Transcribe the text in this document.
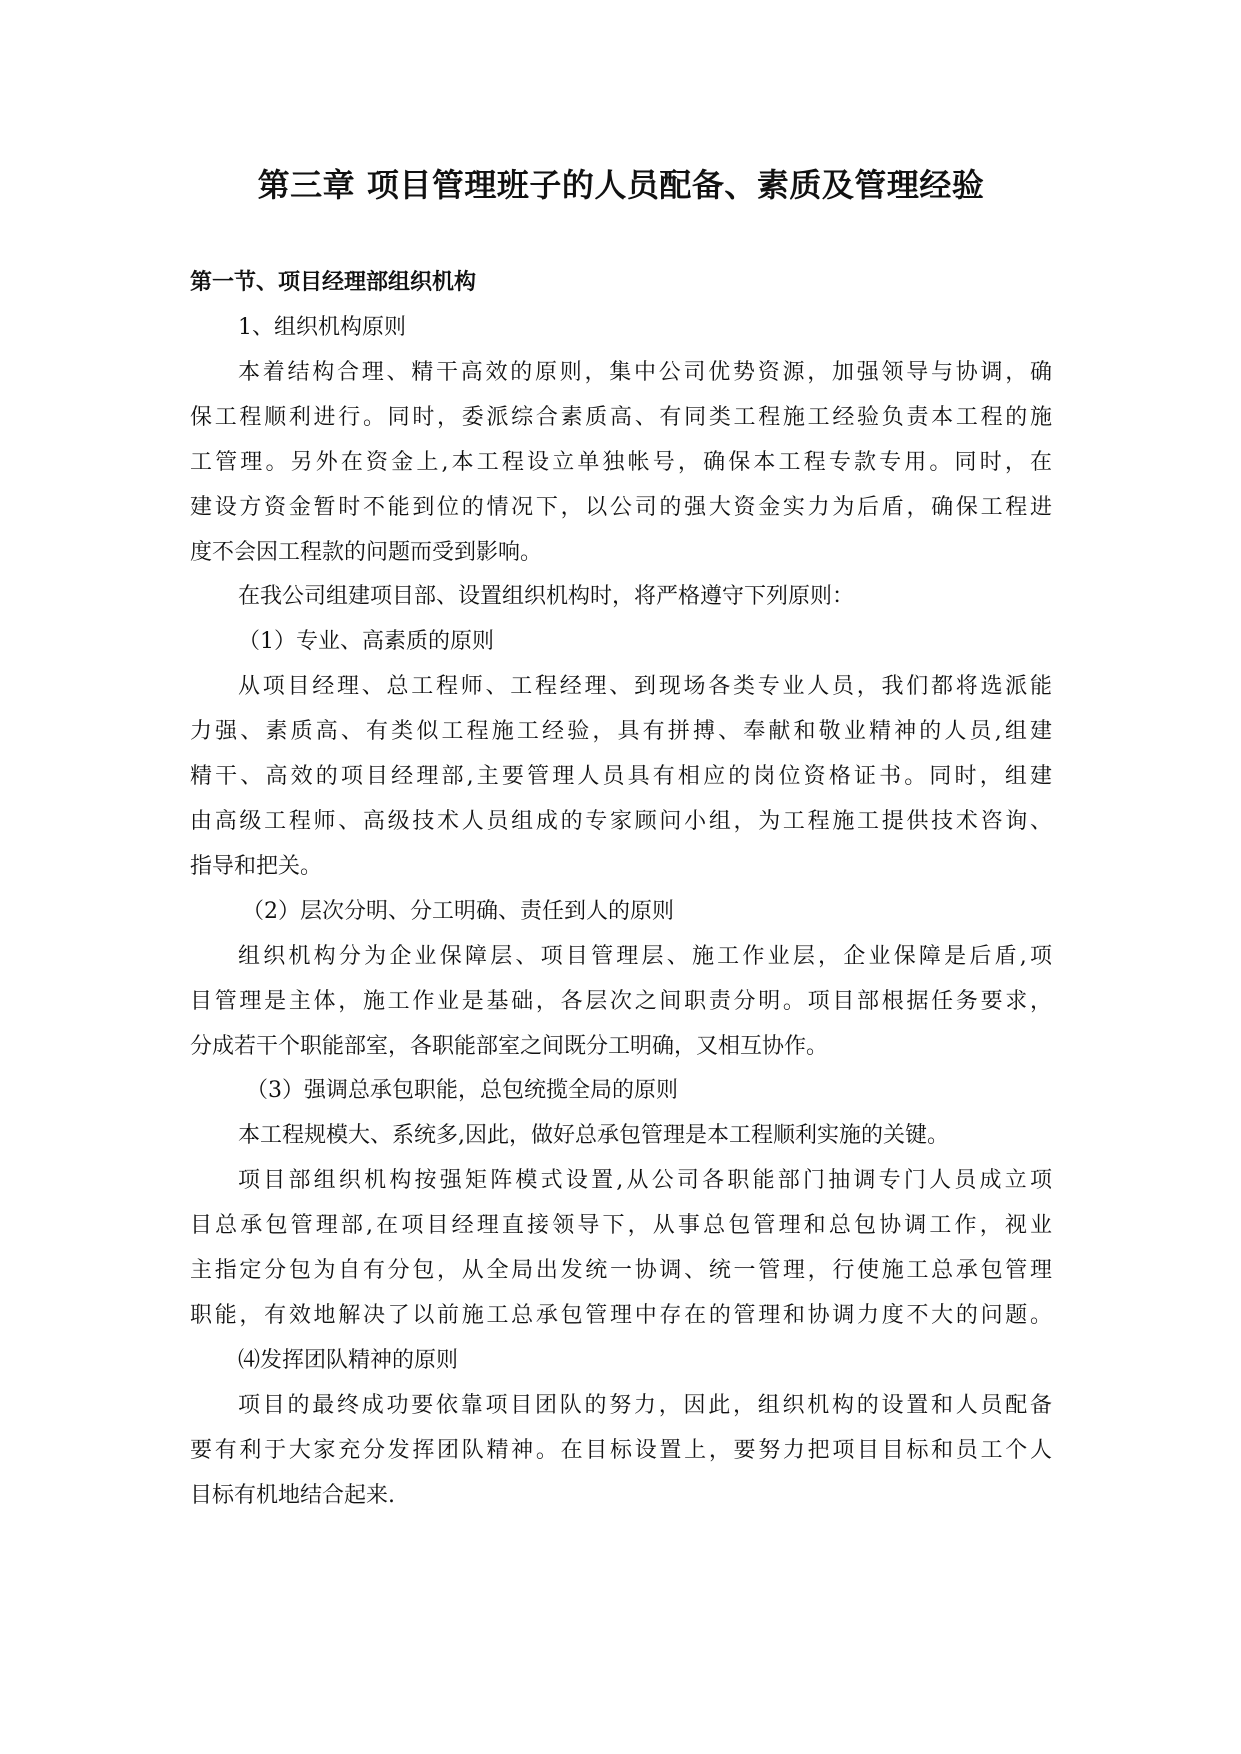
第三章 项目管理班子的人员配备、素质及管理经验
第一节、项目经理部组织机构
1、组织机构原则
本着结构合理、精干高效的原则，集中公司优势资源，加强领导与协调，确
保工程顺利进行。同时，委派综合素质高、有同类工程施工经验负责本工程的施
工管理。另外在资金上,本工程设立单独帐号，确保本工程专款专用。同时，在
建设方资金暂时不能到位的情况下，以公司的强大资金实力为后盾，确保工程进
度不会因工程款的问题而受到影响。
在我公司组建项目部、设置组织机构时，将严格遵守下列原则：
（1）专业、高素质的原则
从项目经理、总工程师、工程经理、到现场各类专业人员，我们都将选派能
力强、素质高、有类似工程施工经验，具有拼搏、奉献和敬业精神的人员,组建
精干、高效的项目经理部,主要管理人员具有相应的岗位资格证书。同时，组建
由高级工程师、高级技术人员组成的专家顾问小组，为工程施工提供技术咨询、
指导和把关。
（2）层次分明、分工明确、责任到人的原则
组织机构分为企业保障层、项目管理层、施工作业层，企业保障是后盾,项
目管理是主体，施工作业是基础，各层次之间职责分明。项目部根据任务要求，
分成若干个职能部室，各职能部室之间既分工明确，又相互协作。
（3）强调总承包职能，总包统揽全局的原则
本工程规模大、系统多,因此，做好总承包管理是本工程顺利实施的关键。
项目部组织机构按强矩阵模式设置,从公司各职能部门抽调专门人员成立项
目总承包管理部,在项目经理直接领导下，从事总包管理和总包协调工作，视业
主指定分包为自有分包，从全局出发统一协调、统一管理，行使施工总承包管理
职能，有效地解决了以前施工总承包管理中存在的管理和协调力度不大的问题。
⑷发挥团队精神的原则
项目的最终成功要依靠项目团队的努力，因此，组织机构的设置和人员配备
要有利于大家充分发挥团队精神。在目标设置上，要努力把项目目标和员工个人
目标有机地结合起来.
